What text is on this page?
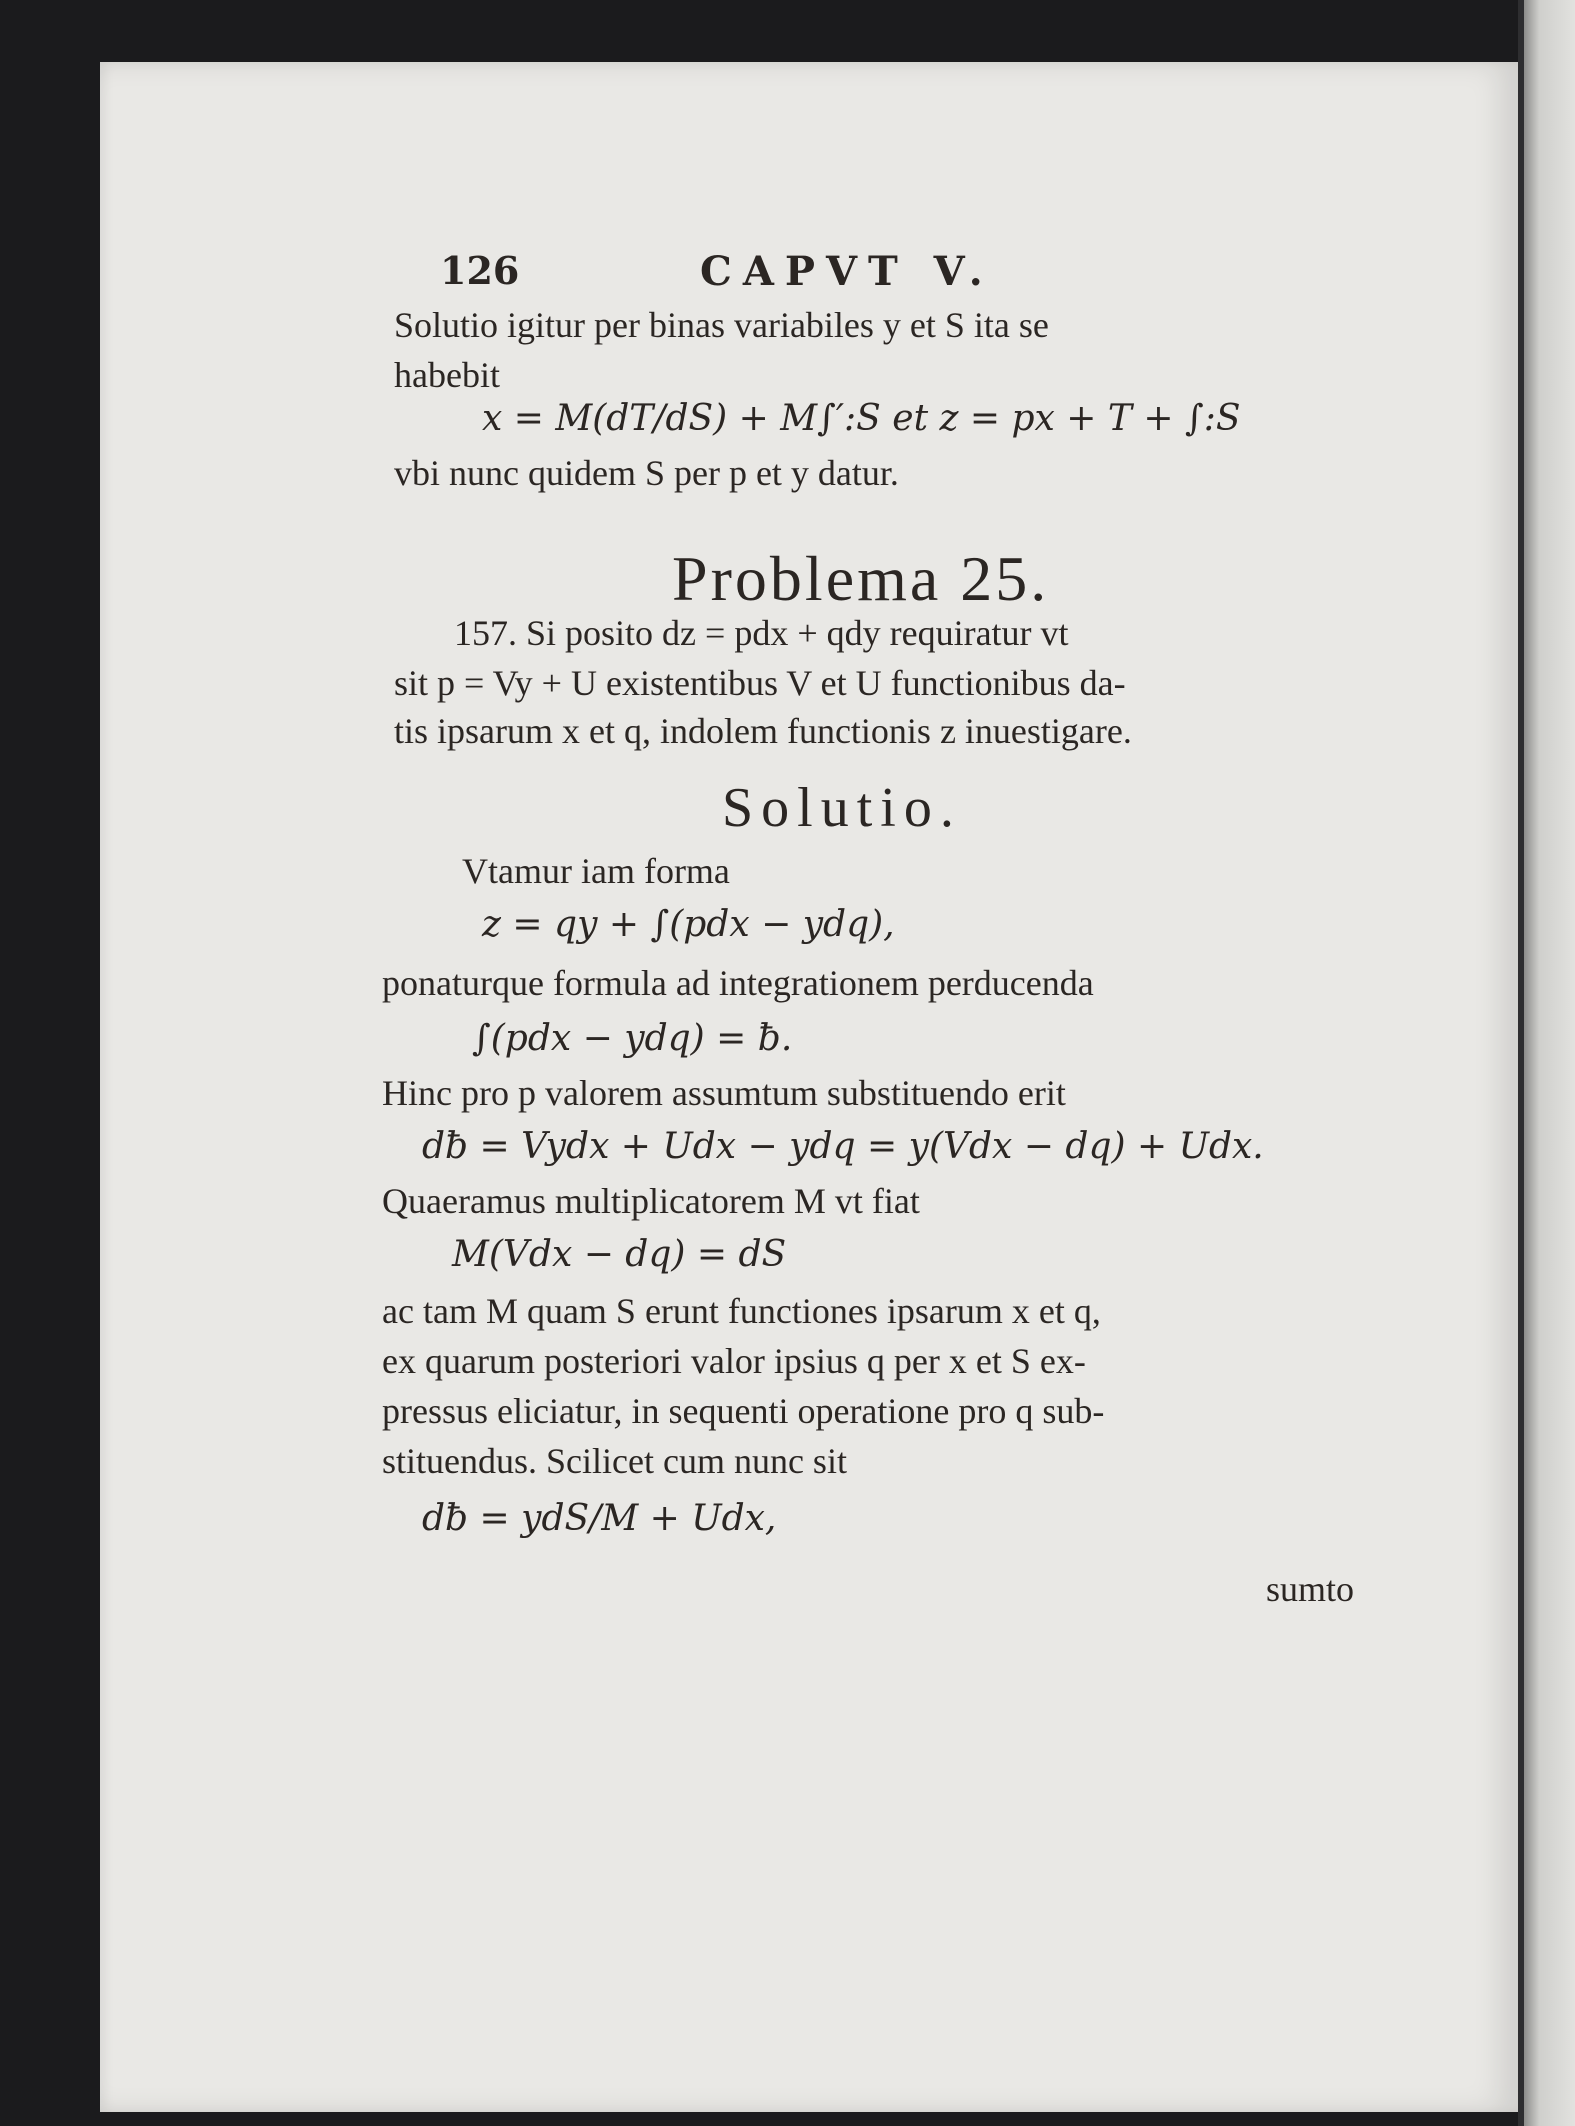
126	CAPVT V.
Solutio igitur per binas variabiles y et S ita se
habebit
x = M(dT/dS) + M∫′:S et z = px + T + ∫:S
vbi nunc quidem S per p et y datur.
Problema 25.
157. Si posito dz = pdx + qdy requiratur vt
sit p = Vy + U existentibus V et U functionibus da-
tis ipsarum x et q, indolem functionis z inuestigare.
Solutio.
Vtamur iam forma
z = qy + ∫(pdx − ydq),
ponaturque formula ad integrationem perducenda
∫(pdx − ydq) = ƀ.
Hinc pro p valorem assumtum substituendo erit
dƀ = Vydx + Udx − ydq = y(Vdx − dq) + Udx.
Quaeramus multiplicatorem M vt fiat
M(Vdx − dq) = dS
ac tam M quam S erunt functiones ipsarum x et q,
ex quarum posteriori valor ipsius q per x et S ex-
pressus eliciatur, in sequenti operatione pro q sub-
stituendus. Scilicet cum nunc sit
dƀ = ydS/M + Udx,
sumto
